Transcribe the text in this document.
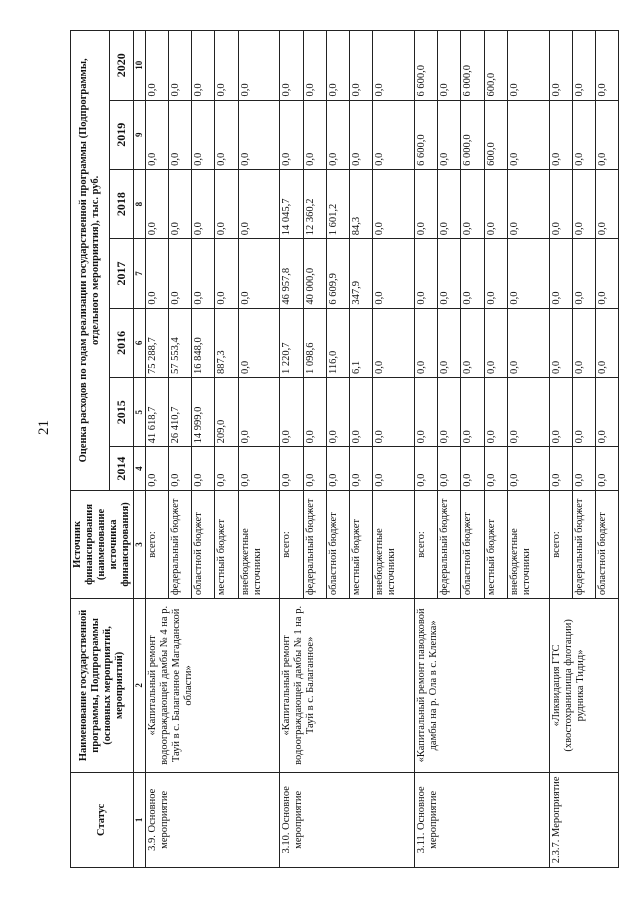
21
Статус	Наименование государственной программы, Подпрограммы (основных мероприятий, мероприятий)	Источник финансирования (наименование источника финансирования)	Оценка расходов по годам реализации государственной программы (Подпрограммы, отдельного мероприятия), тыс. руб.						
			2014	2015	2016	2017	2018	2019	2020
1	2	3	4	5	6	7	8	9	10
3.9. Основное мероприятие	«Капитальный ремонт водоограждающей дамбы № 4 на р. Тауй в с. Балаганное Магаданской области»	всего:	0,0	41 618,7	75 288,7	0,0	0,0	0,0	0,0
		федеральный бюджет	0,0	26 410,7	57 553,4	0,0	0,0	0,0	0,0
		областной бюджет	0,0	14 999,0	16 848,0	0,0	0,0	0,0	0,0
		местный бюджет	0,0	209,0	887,3	0,0	0,0	0,0	0,0
		внебюджетные источники	0,0	0,0	0,0	0,0	0,0	0,0	0,0
3.10. Основное мероприятие	«Капитальный ремонт водоограждающей дамбы № 1 на р. Тауй в с. Балаганное»	всего:	0,0	0,0	1 220,7	46 957,8	14 045,7	0,0	0,0
		федеральный бюджет	0,0	0,0	1 098,6	40 000,0	12 360,2	0,0	0,0
		областной бюджет	0,0	0,0	116,0	6 609,9	1 601,2	0,0	0,0
		местный бюджет	0,0	0,0	6,1	347,9	84,3	0,0	0,0
		внебюджетные источники	0,0	0,0	0,0	0,0	0,0	0,0	0,0
3.11. Основное мероприятие	«Капитальный ремонт паводковой дамбы на р. Ола в с. Клепка»	всего:	0,0	0,0	0,0	0,0	0,0	6 600,0	6 600,0
		федеральный бюджет	0,0	0,0	0,0	0,0	0,0	0,0	0,0
		областной бюджет	0,0	0,0	0,0	0,0	0,0	6 000,0	6 000,0
		местный бюджет	0,0	0,0	0,0	0,0	0,0	600,0	600,0
		внебюджетные источники	0,0	0,0	0,0	0,0	0,0	0,0	0,0
2.3.7. Мероприятие	«Ликвидация ГТС (хвостохранилища флотации) рудника Тидид»	всего:	0,0	0,0	0,0	0,0	0,0	0,0	0,0
		федеральный бюджет	0,0	0,0	0,0	0,0	0,0	0,0	0,0
		областной бюджет	0,0	0,0	0,0	0,0	0,0	0,0	0,0
